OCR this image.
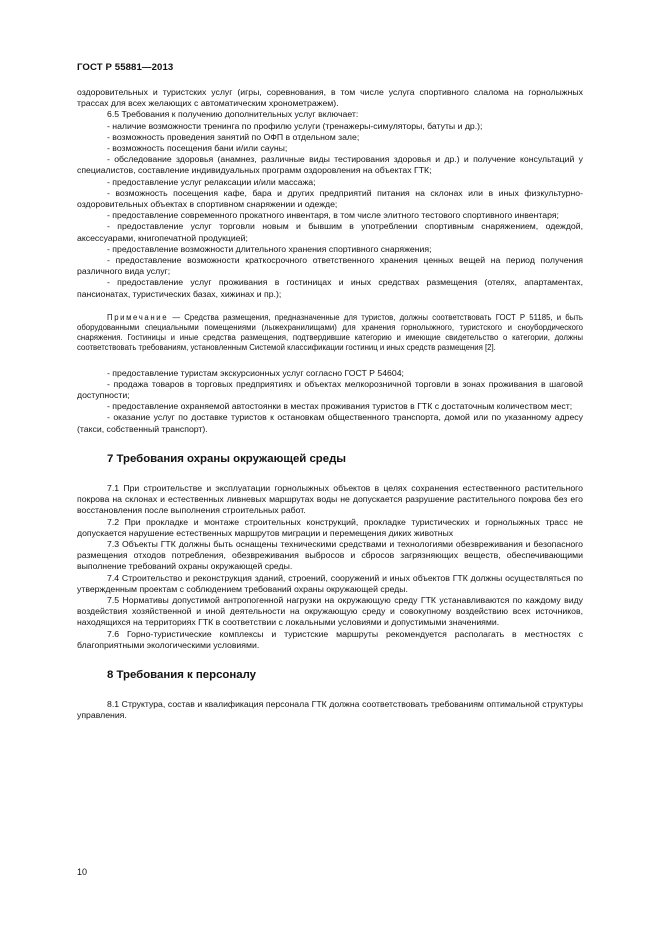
ГОСТ Р 55881—2013

оздоровительных и туристских услуг (игры, соревнования, в том числе услуга спортивного слалома на горнолыжных трассах для всех желающих с автоматическим хронометражем).

6.5 Требования к получению дополнительных услуг включает:

- наличие возможности тренинга по профилю услуги (тренажеры-симуляторы, батуты и др.);

- возможность проведения занятий по ОФП в отдельном зале;

- возможность посещения бани и/или сауны;

- обследование здоровья (анамнез, различные виды тестирования здоровья и др.) и получение консультаций у специалистов, составление индивидуальных программ оздоровления на объектах ГТК;

- предоставление услуг релаксации и/или массажа;

- возможность посещения кафе, бара и других предприятий питания на склонах или в иных физкультурно-оздоровительных объектах в спортивном снаряжении и одежде;

- предоставление современного прокатного инвентаря, в том числе элитного тестового спортивного инвентаря;

- предоставление услуг торговли новым и бывшим в употреблении спортивным снаряжением, одеждой, аксессуарами, книгопечатной продукцией;

- предоставление возможности длительного хранения спортивного снаряжения;

- предоставление возможности краткосрочного ответственного хранения ценных вещей на период получения различного вида услуг;

- предоставление услуг проживания в гостиницах и иных средствах размещения (отелях, апартаментах, пансионатах, туристических базах, хижинах и пр.);

Примечание — Средства размещения, предназначенные для туристов, должны соответствовать ГОСТ Р 51185, и быть оборудованными специальными помещениями (лыжехранилищами) для хранения горнолыжного, туристского и сноубордического снаряжения. Гостиницы и иные средства размещения, подтвердившие категорию и имеющие свидетельство о категории, должны соответствовать требованиям, установленным Системой классификации гостиниц и иных средств размещения [2].

- предоставление туристам экскурсионных услуг согласно ГОСТ Р 54604;

- продажа товаров в торговых предприятиях и объектах мелкорозничной торговли в зонах проживания в шаговой доступности;

- предоставление охраняемой автостоянки в местах проживания туристов в ГТК с достаточным количеством мест;

- оказание услуг по доставке туристов к остановкам общественного транспорта, домой или по указанному адресу (такси, собственный транспорт).

7 Требования охраны окружающей среды

7.1 При строительстве и эксплуатации горнолыжных объектов в целях сохранения естественного растительного покрова на склонах и естественных ливневых маршрутах воды не допускается разрушение растительного покрова без его восстановления после выполнения строительных работ.

7.2 При прокладке и монтаже строительных конструкций, прокладке туристических и горнолыжных трасс не допускается нарушение естественных маршрутов миграции и перемещения диких животных

7.3 Объекты ГТК должны быть оснащены техническими средствами и технологиями обезвреживания и безопасного размещения отходов потребления, обезвреживания выбросов и сбросов загрязняющих веществ, обеспечивающими выполнение требований охраны окружающей среды.

7.4 Строительство и реконструкция зданий, строений, сооружений и иных объектов ГТК должны осуществляться по утвержденным проектам с соблюдением требований охраны окружающей среды.

7.5 Нормативы допустимой антропогенной нагрузки на окружающую среду ГТК устанавливаются по каждому виду воздействия хозяйственной и иной деятельности на окружающую среду и совокупному воздействию всех источников, находящихся на территориях ГТК в соответствии с локальными условиями и допустимыми значениями.

7.6 Горно-туристические комплексы и туристские маршруты рекомендуется располагать в местностях с благоприятными экологическими условиями.

8 Требования к персоналу

8.1 Структура, состав и квалификация персонала ГТК должна соответствовать требованиям оптимальной структуры управления.

10
